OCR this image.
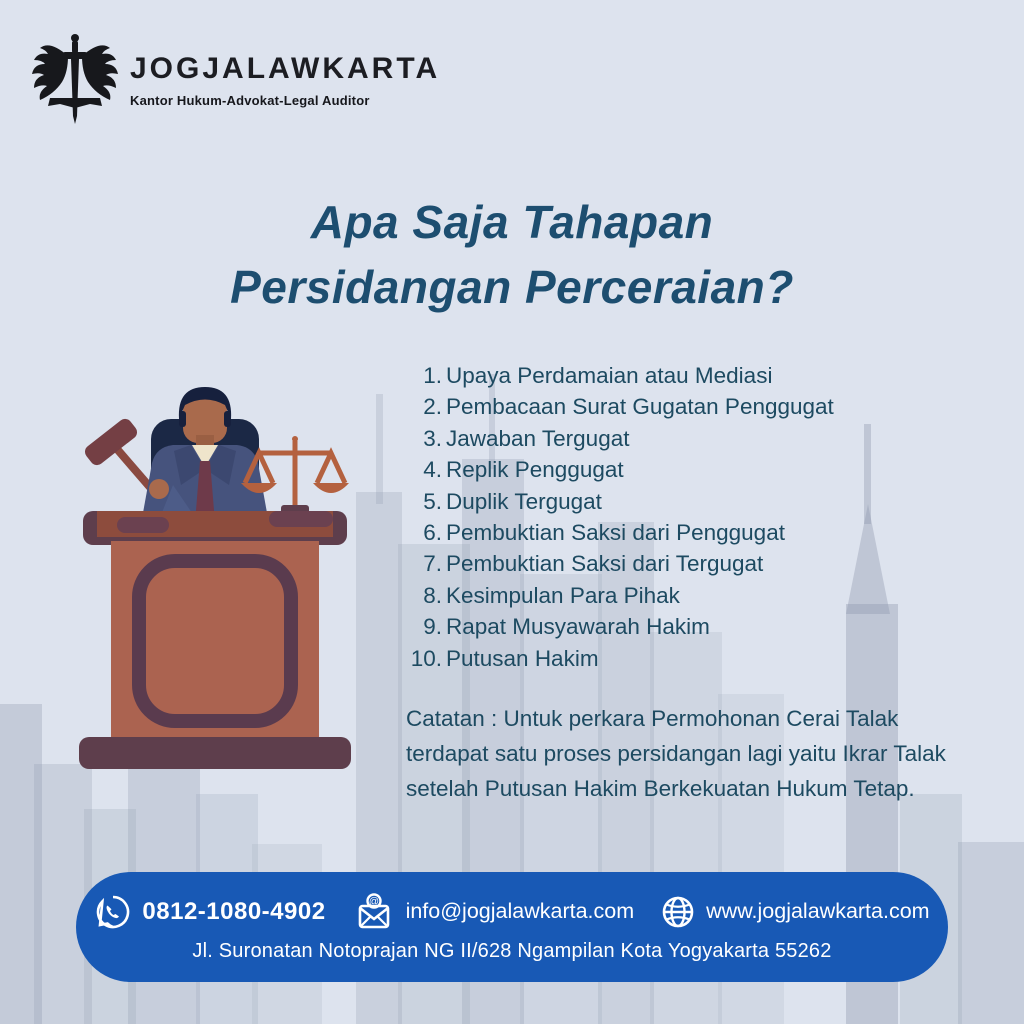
JOGJALAWKARTA
Kantor Hukum-Advokat-Legal Auditor
Apa Saja Tahapan
Persidangan Perceraian?
Upaya Perdamaian atau Mediasi
Pembacaan Surat Gugatan Penggugat
Jawaban Tergugat
Replik Penggugat
Duplik Tergugat
Pembuktian Saksi dari Penggugat
Pembuktian Saksi dari Tergugat
Kesimpulan Para Pihak
Rapat Musyawarah Hakim
Putusan Hakim
Catatan : Untuk perkara Permohonan Cerai Talak terdapat satu proses persidangan lagi yaitu Ikrar Talak setelah Putusan Hakim Berkekuatan Hukum Tetap.
0812-1080-4902	@ info@jogjalawkarta.com	www.jogjalawkarta.com
Jl. Suronatan Notoprajan NG II/628 Ngampilan Kota Yogyakarta 55262
